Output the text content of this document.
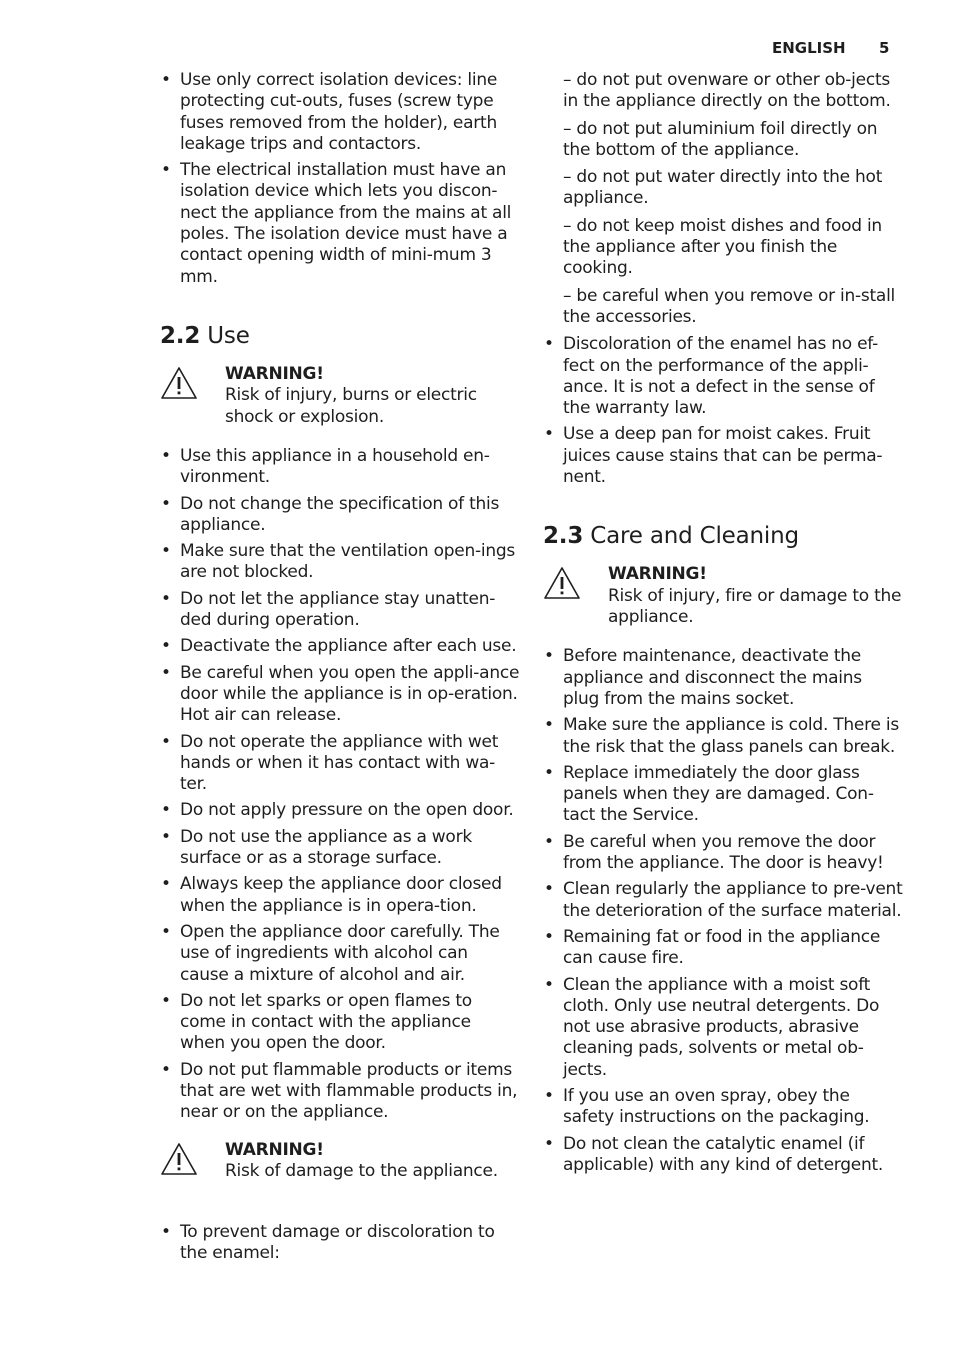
ENGLISH 5
• Use only correct isolation devices: line protecting cut-outs, fuses (screw type fuses removed from the holder), earth leakage trips and contactors.
• The electrical installation must have an isolation device which lets you discon-nect the appliance from the mains at all poles. The isolation device must have a contact opening width of mini-mum 3 mm.
2.2 Use
WARNING!
Risk of injury, burns or electric shock or explosion.
• Use this appliance in a household en-vironment.
• Do not change the specification of this appliance.
• Make sure that the ventilation open-ings are not blocked.
• Do not let the appliance stay unatten-ded during operation.
• Deactivate the appliance after each use.
• Be careful when you open the appli-ance door while the appliance is in op-eration. Hot air can release.
• Do not operate the appliance with wet hands or when it has contact with wa-ter.
• Do not apply pressure on the open door.
• Do not use the appliance as a work surface or as a storage surface.
• Always keep the appliance door closed when the appliance is in opera-tion.
• Open the appliance door carefully. The use of ingredients with alcohol can cause a mixture of alcohol and air.
• Do not let sparks or open flames to come in contact with the appliance when you open the door.
• Do not put flammable products or items that are wet with flammable products in, near or on the appliance.
WARNING!
Risk of damage to the appliance.
• To prevent damage or discoloration to the enamel:

– do not put ovenware or other ob-jects in the appliance directly on the bottom.

– do not put aluminium foil directly on the bottom of the appliance.

– do not put water directly into the hot appliance.

– do not keep moist dishes and food in the appliance after you finish the cooking.

– be careful when you remove or in-stall the accessories.

• Discoloration of the enamel has no ef-fect on the performance of the appli-ance. It is not a defect in the sense of the warranty law.
• Use a deep pan for moist cakes. Fruit juices cause stains that can be perma-nent.
2.3 Care and Cleaning
WARNING!
Risk of injury, fire or damage to the appliance.
• Before maintenance, deactivate the appliance and disconnect the mains plug from the mains socket.
• Make sure the appliance is cold. There is the risk that the glass panels can break.
• Replace immediately the door glass panels when they are damaged. Con-tact the Service.
• Be careful when you remove the door from the appliance. The door is heavy!
• Clean regularly the appliance to pre-vent the deterioration of the surface material.
• Remaining fat or food in the appliance can cause fire.
• Clean the appliance with a moist soft cloth. Only use neutral detergents. Do not use abrasive products, abrasive cleaning pads, solvents or metal ob-jects.
• If you use an oven spray, obey the safety instructions on the packaging.
• Do not clean the catalytic enamel (if applicable) with any kind of detergent.
